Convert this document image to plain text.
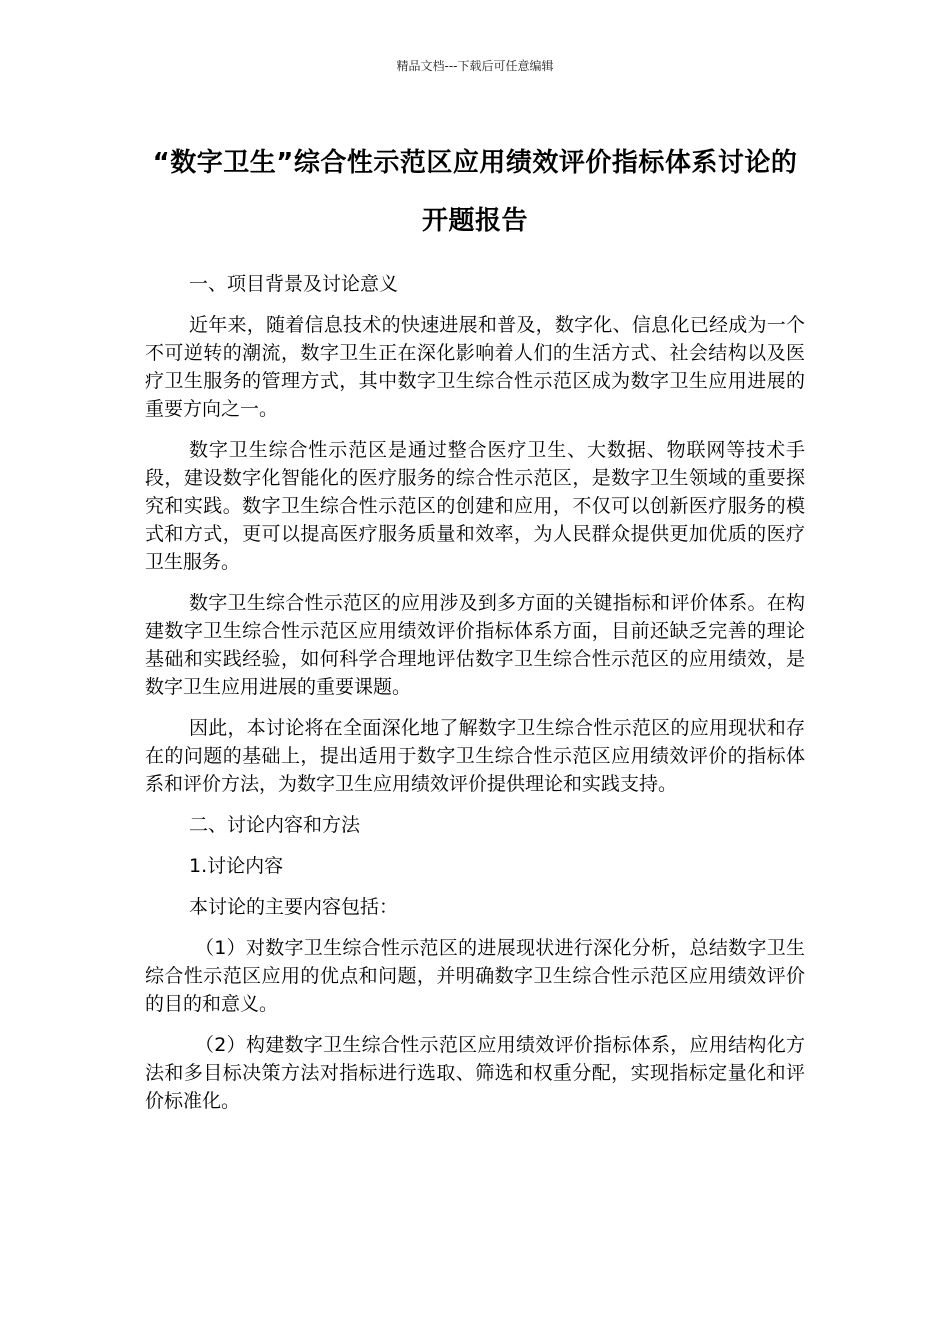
精品文档---下载后可任意编辑
“数字卫生”综合性示范区应用绩效评价指标体系讨论的开题报告

一、项目背景及讨论意义

近年来，随着信息技术的快速进展和普及，数字化、信息化已经成为一个不可逆转的潮流，数字卫生正在深化影响着人们的生活方式、社会结构以及医疗卫生服务的管理方式，其中数字卫生综合性示范区成为数字卫生应用进展的重要方向之一。

数字卫生综合性示范区是通过整合医疗卫生、大数据、物联网等技术手段，建设数字化智能化的医疗服务的综合性示范区，是数字卫生领域的重要探究和实践。数字卫生综合性示范区的创建和应用，不仅可以创新医疗服务的模式和方式，更可以提高医疗服务质量和效率，为人民群众提供更加优质的医疗卫生服务。

数字卫生综合性示范区的应用涉及到多方面的关键指标和评价体系。在构建数字卫生综合性示范区应用绩效评价指标体系方面，目前还缺乏完善的理论基础和实践经验，如何科学合理地评估数字卫生综合性示范区的应用绩效，是数字卫生应用进展的重要课题。

因此，本讨论将在全面深化地了解数字卫生综合性示范区的应用现状和存在的问题的基础上，提出适用于数字卫生综合性示范区应用绩效评价的指标体系和评价方法，为数字卫生应用绩效评价提供理论和实践支持。

二、讨论内容和方法

1.讨论内容

本讨论的主要内容包括：

（1）对数字卫生综合性示范区的进展现状进行深化分析，总结数字卫生综合性示范区应用的优点和问题，并明确数字卫生综合性示范区应用绩效评价的目的和意义。

（2）构建数字卫生综合性示范区应用绩效评价指标体系，应用结构化方法和多目标决策方法对指标进行选取、筛选和权重分配，实现指标定量化和评价标准化。
